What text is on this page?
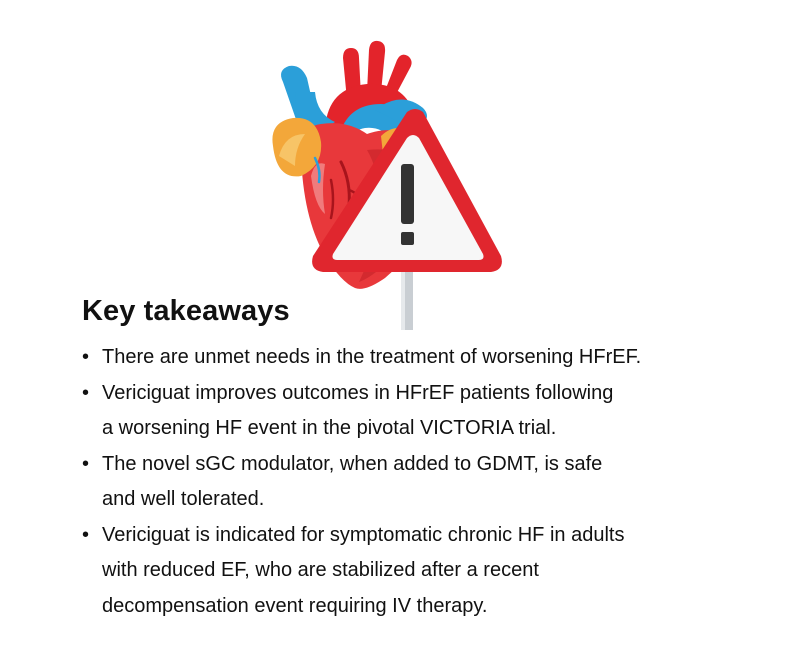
Key takeaways
• There are unmet needs in the treatment of worsening HFrEF.
• Vericiguat improves outcomes in HFrEF patients following
a worsening HF event in the pivotal VICTORIA trial.
• The novel sGC modulator, when added to GDMT, is safe
and well tolerated.
• Vericiguat is indicated for symptomatic chronic HF in adults
with reduced EF, who are stabilized after a recent
decompensation event requiring IV therapy.
